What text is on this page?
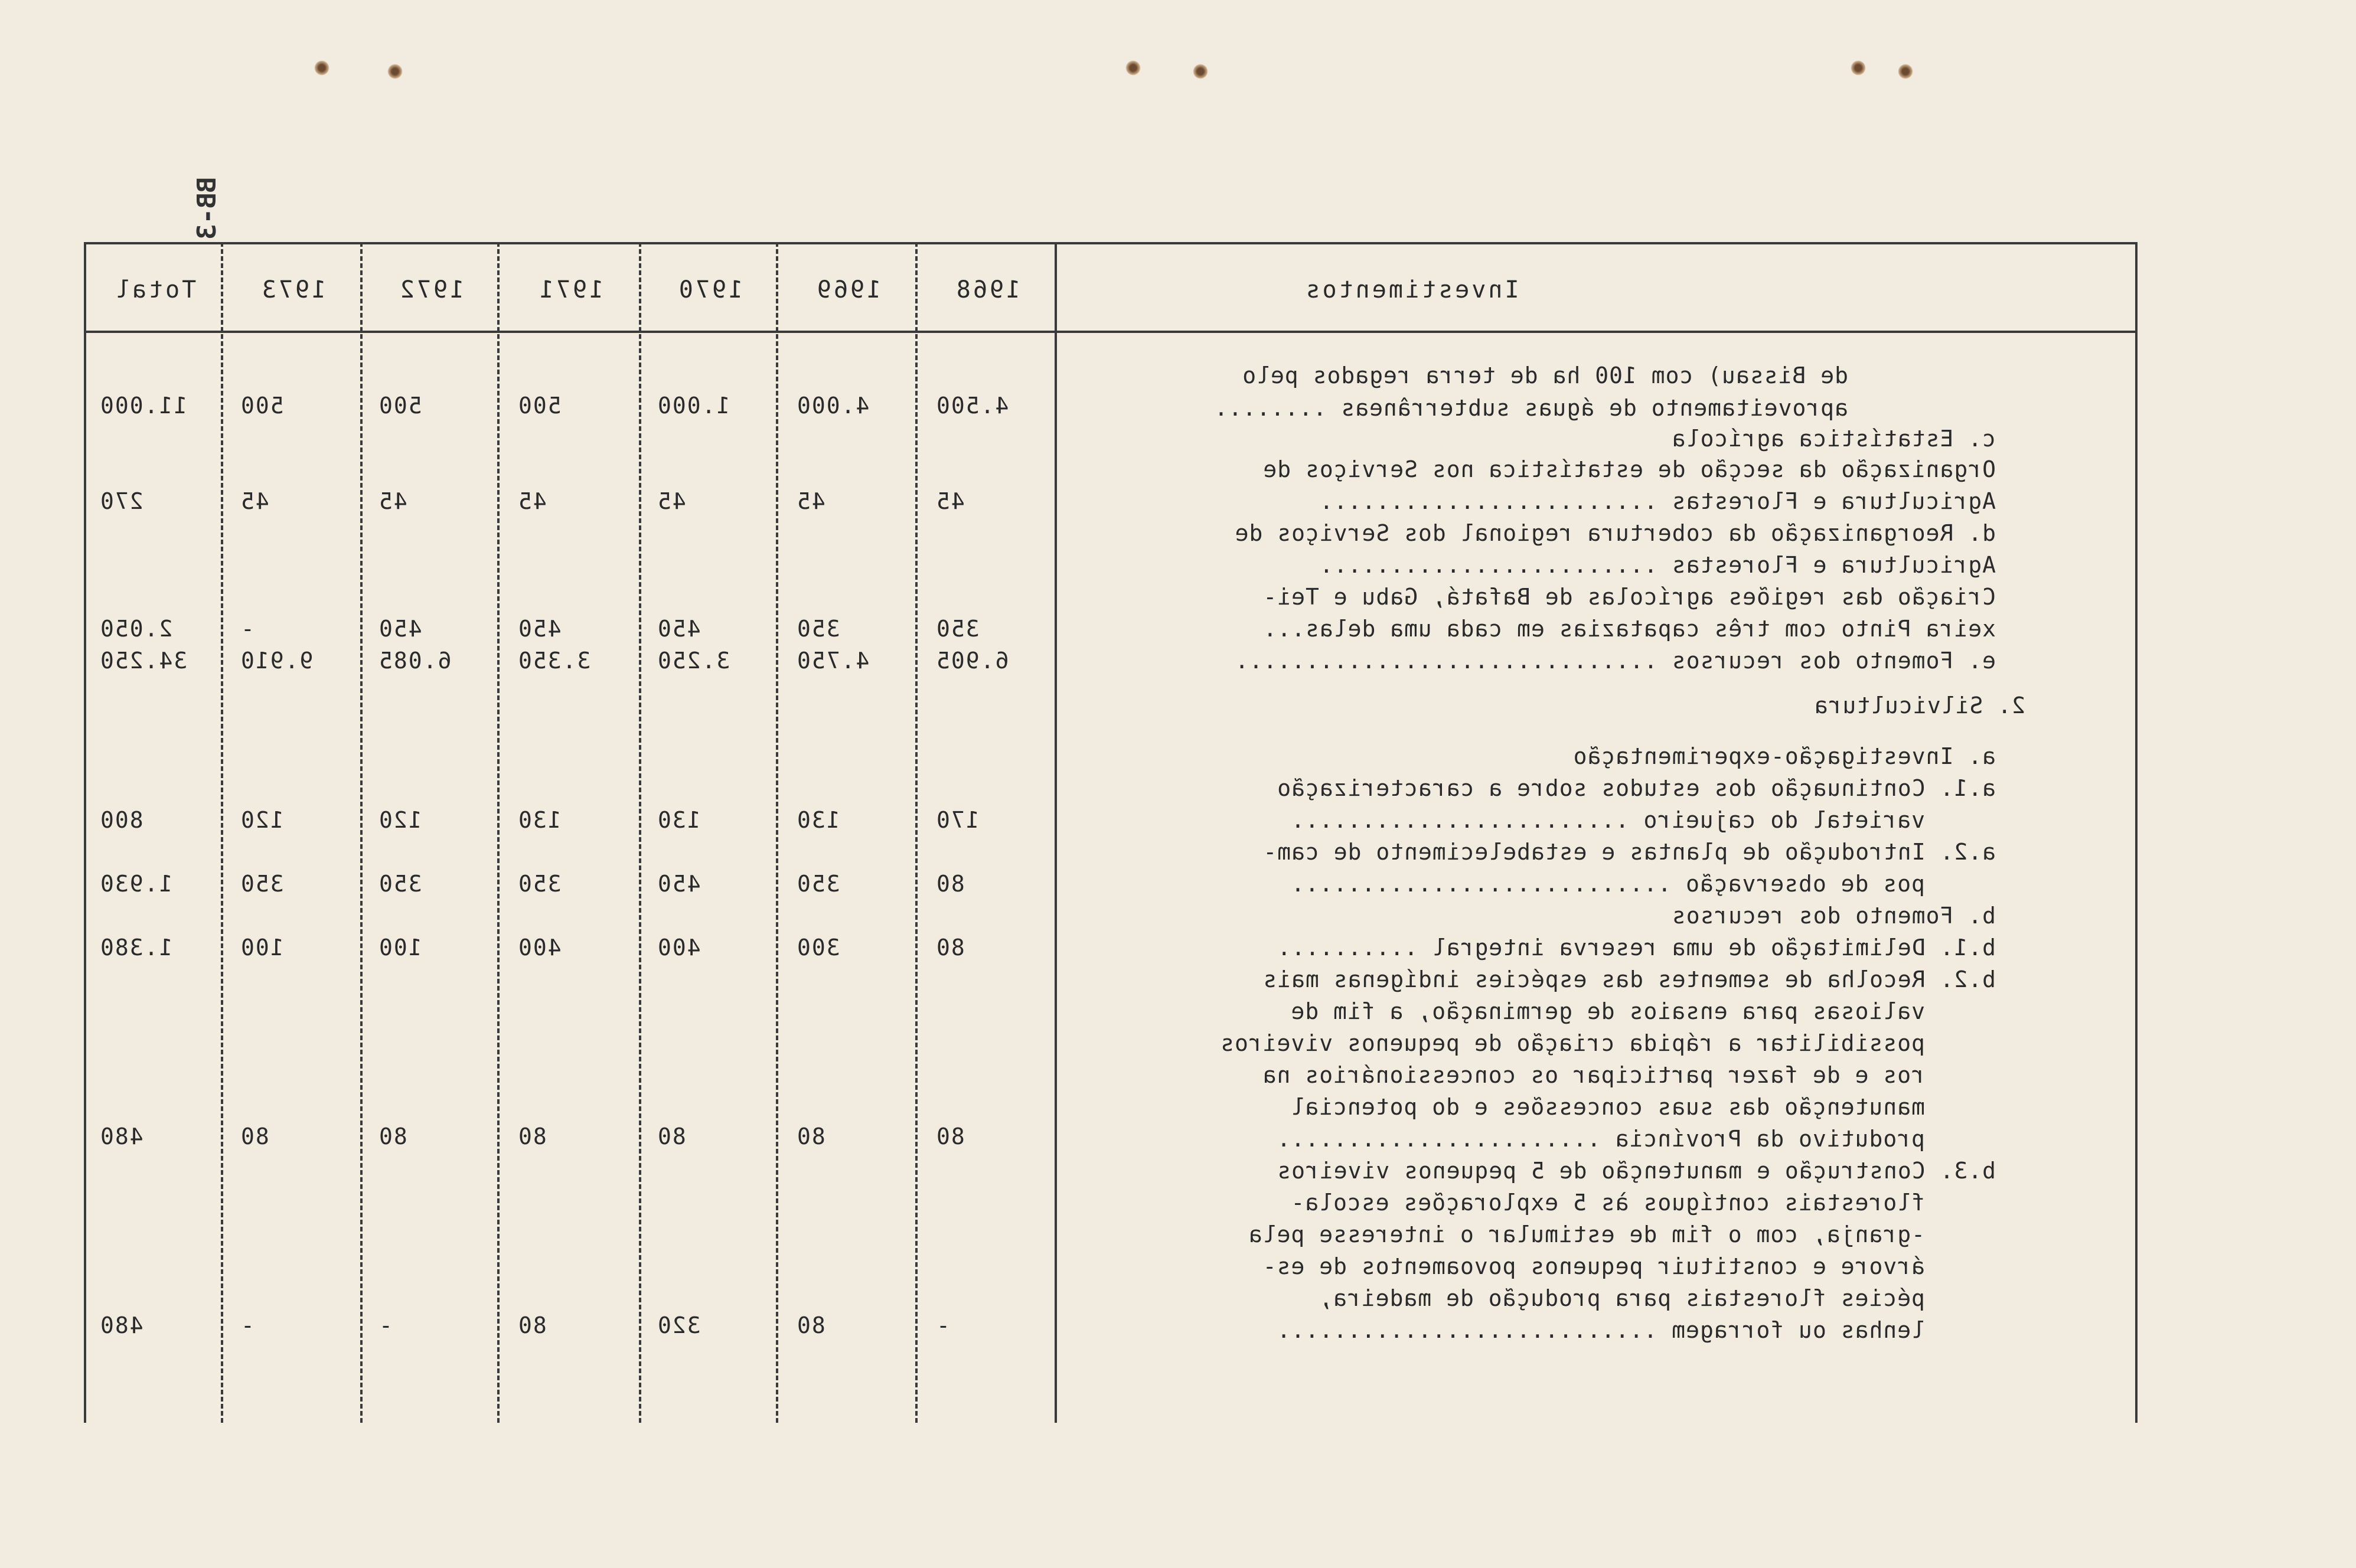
BB-3
Investimentos
1968
1969
1970
1971
1972
1973
Total
de Bissau) com 100 ha de terra regados pelo
aproveitamento de águas subterrâneas ........
c. Estatística agrícola
Organização da secção de estatística nos Serviços de
Agricultura e Florestas ........................
d. Reorganização da cobertura regional dos Serviços de
Agricultura e Florestas ........................
Criação das regiões agrícolas de Bafatá, Gabu e Tei-
xeira Pinto com três capatazias em cada uma delas...
e. Fomento dos recursos ..............................
2. Silvicultura
a. Investigação-experimentação
a.1. Continuação dos estudos sobre a caracterização
varietal do cajueiro ........................
a.2. Introdução de plantas e estabelecimento de cam-
pos de observação ...........................
b. Fomento dos recursos
b.1. Delimitação de uma reserva integral ..........
b.2. Recolha de sementes das espécies indígenas mais
valiosas para ensaios de germinação, a fim de
possibilitar a rápida criação de pequenos viveiros
ros e de fazer participar os concessionários na
manutenção das suas concessões e do potencial
produtivo da Província .......................
b.3. Construção e manutenção de 5 pequenos viveiros
florestais contíguos às 5 explorações escola-
-granja, com o fim de estimular o interesse pela
árvore e constituir pequenos povoamentos de es-
pécies florestais para produção de madeira,
lenhas ou forragem ...........................
4.500
4.000
1.000
500
500
500
11.000
45
45
45
45
45
45
270
350
350
450
450
450
-
2.050
6.905
4.750
3.250
3.350
6.085
9.910
34.250
170
130
130
130
120
120
800
80
350
450
350
350
350
1.930
80
300
400
400
100
100
1.380
80
80
80
80
80
80
480
-
80
320
80
-
-
480
